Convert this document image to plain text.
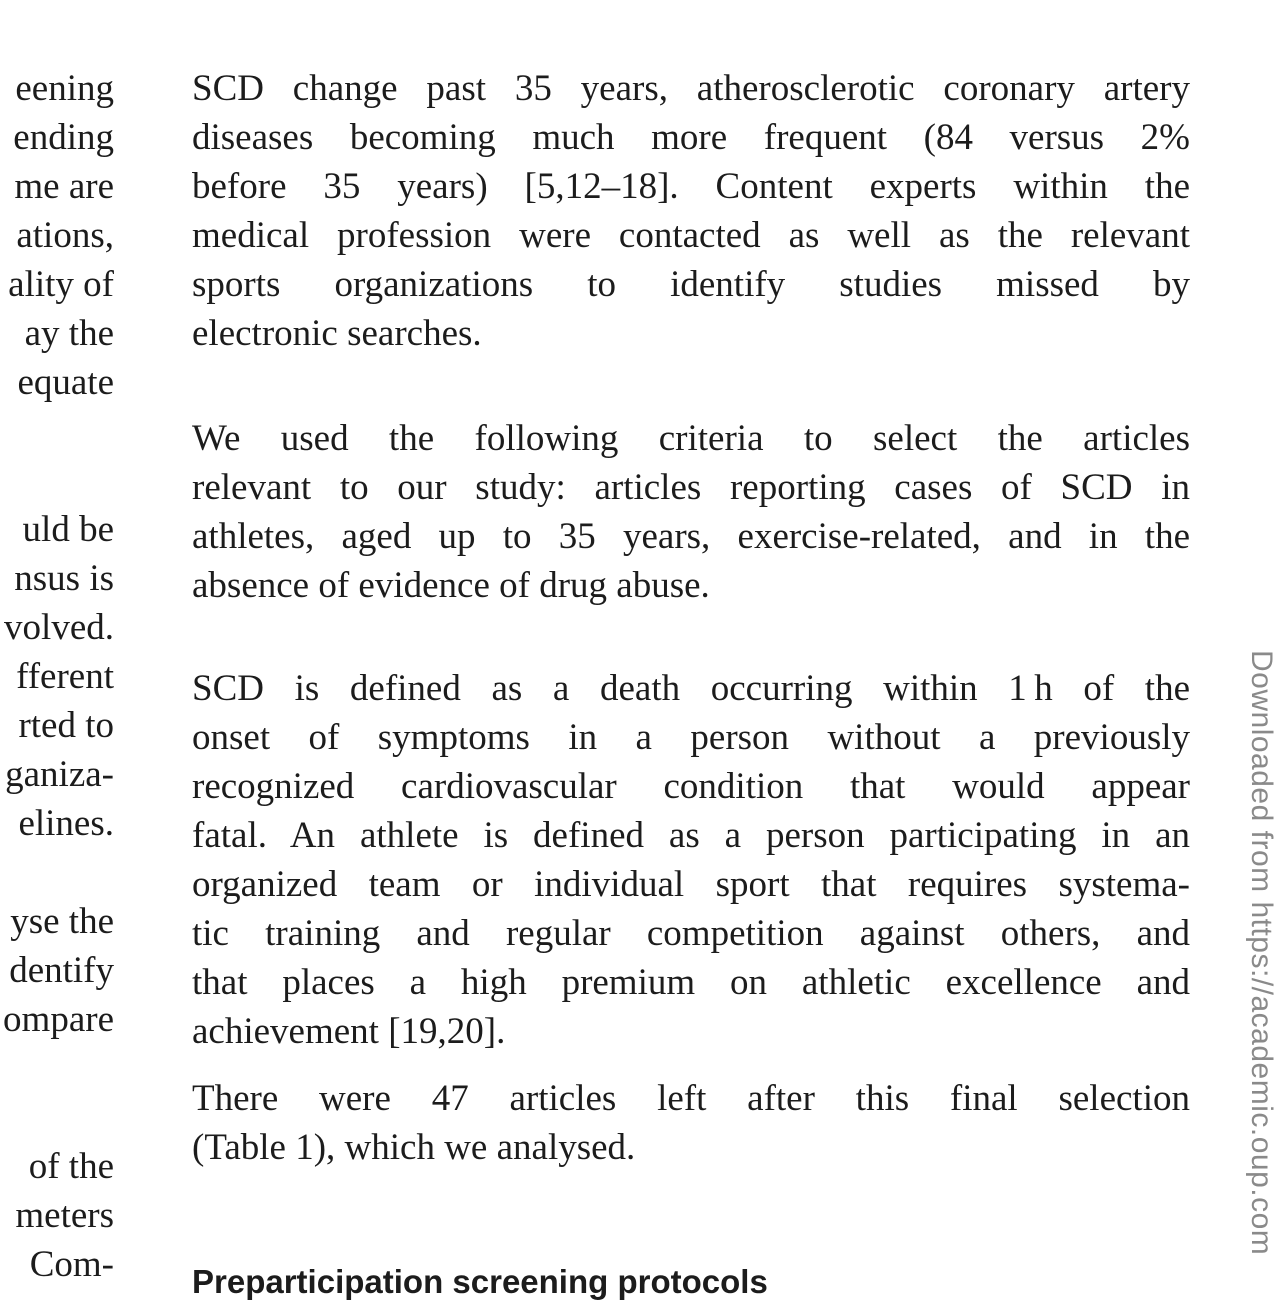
eening
ending
me are
ations,
ality of
ay the
equate
uld be
nsus is
volved.
fferent
rted to
ganiza-
elines.
yse the
dentify
ompare
of the
meters
Com-
SCD change past 35 years, atherosclerotic coronary artery
diseases becoming much more frequent (84 versus 2%
before 35 years) [5,12–18]. Content experts within the
medical profession were contacted as well as the relevant
sports organizations to identify studies missed by
electronic searches.
We used the following criteria to select the articles
relevant to our study: articles reporting cases of SCD in
athletes, aged up to 35 years, exercise-related, and in the
absence of evidence of drug abuse.
SCD is defined as a death occurring within 1 h of the
onset of symptoms in a person without a previously
recognized cardiovascular condition that would appear
fatal. An athlete is defined as a person participating in an
organized team or individual sport that requires systema-
tic training and regular competition against others, and
that places a high premium on athletic excellence and
achievement [19,20].
There were 47 articles left after this final selection
(Table 1), which we analysed.
Preparticipation screening protocols
Downloaded from https://academic.oup.com
